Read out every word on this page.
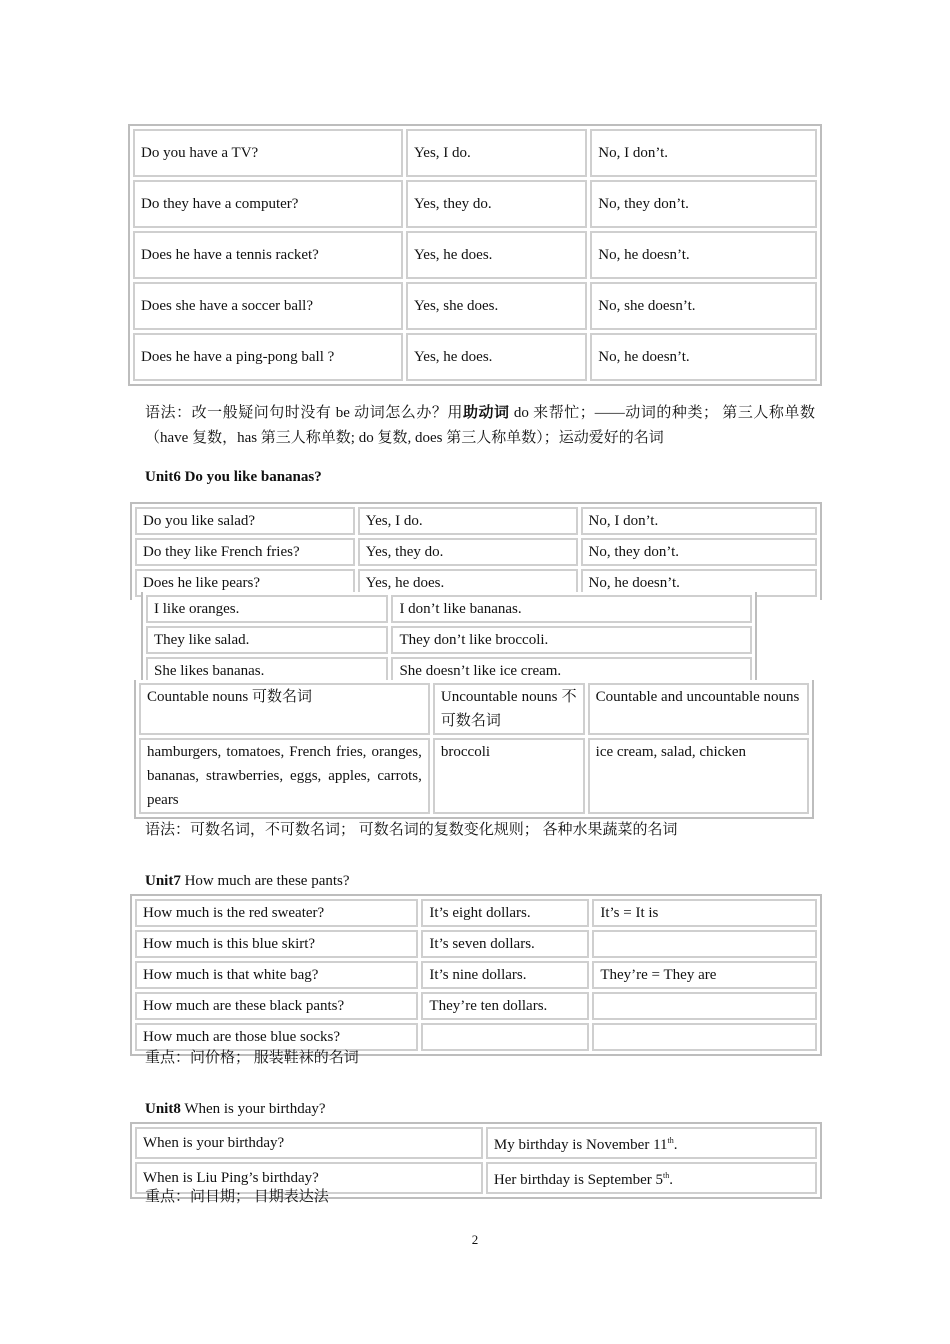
Do you have a TV?	Yes, I do.	No, I don’t.
Do they have a computer?	Yes, they do.	No, they don’t.
Does he have a tennis racket?	Yes, he does.	No, he doesn’t.
Does she have a soccer ball?	Yes, she does.	No, she doesn’t.
Does he have a ping-pong ball ?	Yes, he does.	No, he doesn’t.
语法：改一般疑问句时没有 be 动词怎么办？用助动词 do 来帮忙；——动词的种类； 第三人称单数 （have 复数，has 第三人称单数; do 复数, does 第三人称单数）；运动爱好的名词
Unit6 Do you like bananas?
Do you like salad?	Yes, I do.	No, I don’t.
Do they like French fries?	Yes, they do.	No, they don’t.
Does he like pears?	Yes, he does.	No, he doesn’t.
I like oranges.	I don’t like bananas.
They like salad.	They don’t like broccoli.
She likes bananas.	She doesn’t like ice cream.
Countable nouns 可数名词	Uncountable nouns 不可数名词	Countable and uncountable nouns
hamburgers, tomatoes, French fries, oranges, bananas, strawberries, eggs, apples, carrots, pears	broccoli	ice cream, salad, chicken
语法：可数名词，不可数名词； 可数名词的复数变化规则； 各种水果蔬菜的名词
Unit7 How much are these pants?
How much is the red sweater?	It’s eight dollars.	It’s = It is
How much is this blue skirt?	It’s seven dollars.	
How much is that white bag?	It’s nine dollars.	They’re = They are
How much are these black pants?	They’re ten dollars.	
How much are those blue socks?		
重点：问价格； 服装鞋袜的名词
Unit8 When is your birthday?
When is your birthday?	My birthday is November 11th.
When is Liu Ping’s birthday?	Her birthday is September 5th.
重点：问日期； 日期表达法
2
